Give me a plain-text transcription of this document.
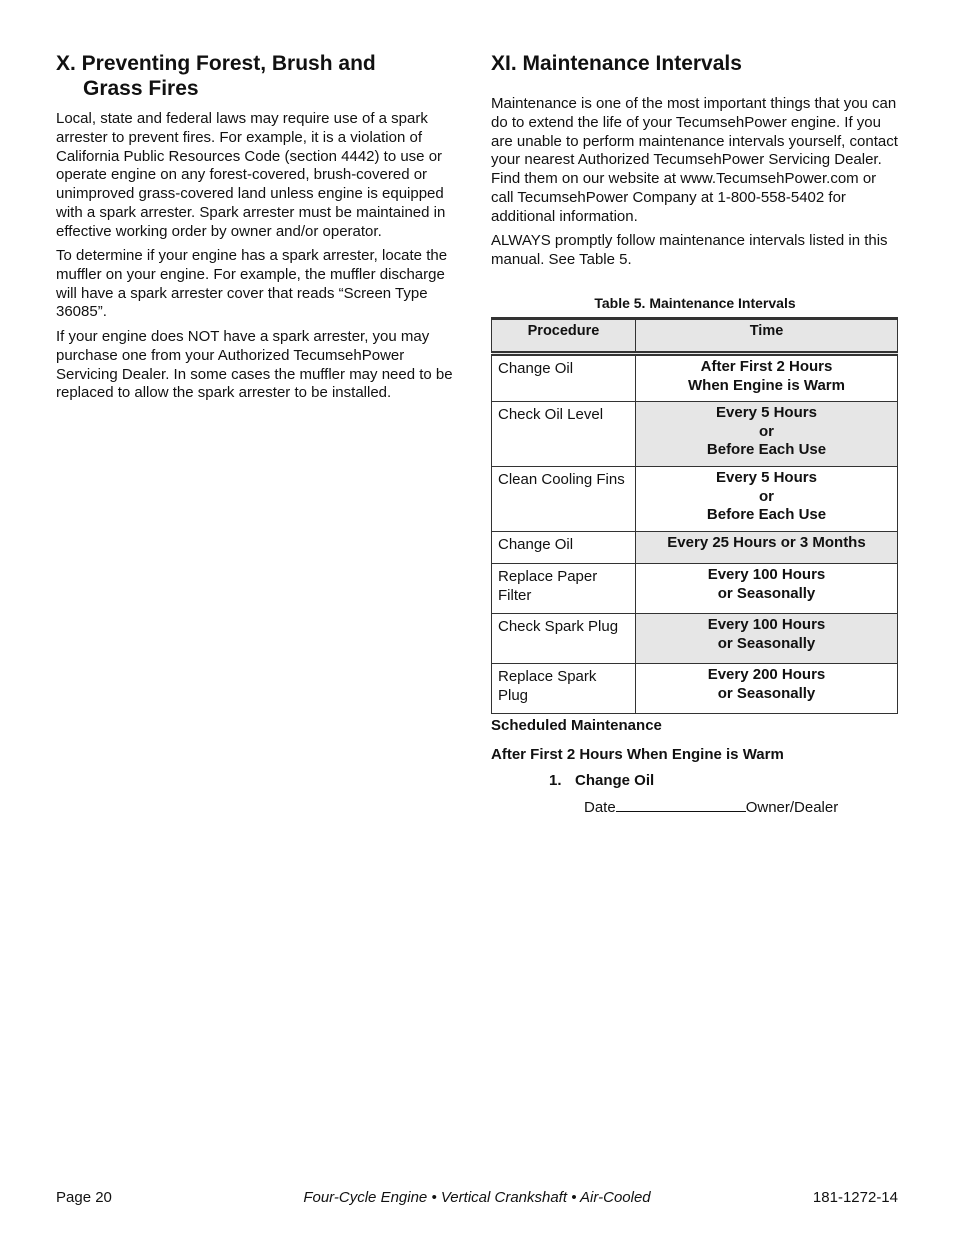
X. Preventing Forest, Brush and
Grass Fires

Local, state and federal laws may require use of a spark arrester to prevent fires. For example, it is a violation of California Public Resources Code (section 4442) to use or operate engine on any forest-covered, brush-covered or unimproved grass-covered land unless engine is equipped with a spark arrester. Spark arrester must be maintained in effective working order by owner and/or operator.

To determine if your engine has a spark arrester, locate the muffler on your engine. For example, the muffler discharge will have a spark arrester cover that reads “Screen Type 36085”.

If your engine does NOT have a spark arrester, you may purchase one from your Authorized TecumsehPower Servicing Dealer. In some cases the muffler may need to be replaced to allow the spark arrester to be installed.

XI. Maintenance Intervals

Maintenance is one of the most important things that you can do to extend the life of your TecumsehPower engine. If you are unable to perform maintenance intervals yourself, contact your nearest Authorized TecumsehPower Servicing Dealer. Find them on our website at www.TecumsehPower.com or call TecumsehPower Company at 1-800-558-5402 for additional information.

ALWAYS promptly follow maintenance intervals listed in this manual. See Table 5.

Table 5. Maintenance Intervals
Procedure	Time
Change Oil	After First 2 Hours
When Engine is Warm

Check Oil Level	Every 5 Hours
or
Before Each Use

Clean Cooling Fins	Every 5 Hours
or
Before Each Use

Change Oil	Every 25 Hours or 3 Months

Replace Paper Filter	Every 100 Hours
or Seasonally

Check Spark Plug	Every 100 Hours
or Seasonally

Replace Spark Plug	Every 200 Hours
or Seasonally
Scheduled Maintenance
After First 2 Hours When Engine is Warm
1. Change Oil
Date	Owner/Dealer
Four-Cycle Engine • Vertical Crankshaft • Air-Cooled
Page 20	181-1272-14
